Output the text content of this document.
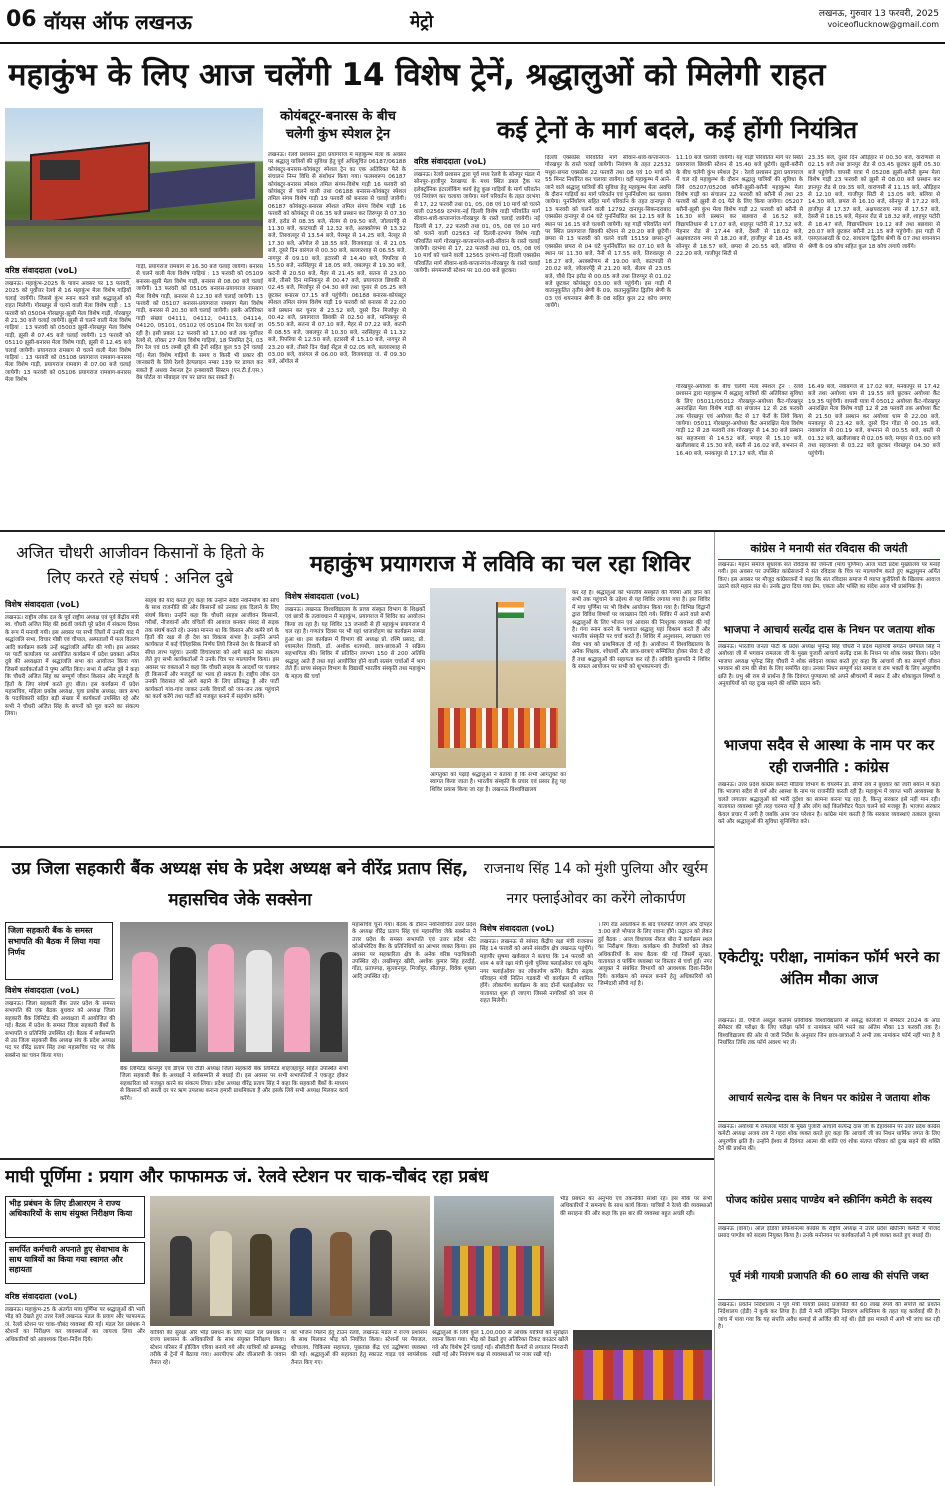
06 वॉयस ऑफ लखनऊ	मेट्रो	लखनऊ, गुरुवार 13 फरवरी, 2025
voiceoflucknow@gmail.com
महाकुंभ के लिए आज चलेंगी 14 विशेष ट्रेनें, श्रद्धालुओं को मिलेगी राहत
वरिष्ठ संवाददाता (voL)
लखनऊ। महाकुंभ-2025 के पावन अवसर पर 13 फरवरी, 2025 को पूर्वोत्तर रेलवे से 16 महाकुंभ मेला विशेष गाड़ियों चलाई जायेंगी। जिससे कुंभ स्नान करने वाले श्रद्धालुओं को राहत मिलेगी। गोरखपुर से चलने वाली मेला विशेष गाड़ी : 13 फरवरी को 05004 गोरखपुर-झूसी मेला विशेष गाड़ी, गोरखपुर से 21.30 बजे चलाई जायेगी। झूसी से चलने वाली मेला विशेष गाड़ियां : 13 फरवरी को 05003 झूसी-गोरखपुर मेला विशेष गाड़ी, झूसी से 07.45 बजे चलाई जायेगी। 13 फरवरी को 05110 झूसी-बनारस मेला विशेष गाड़ी, झूसी से 12.45 बजे चलाई जायेगी। प्रयागराज रामबाग से चलने वाली मेला विशेष गाड़ियां : 13 फरवरी को 05108 प्रयागराज रामबाग-बनारस मेला विशेष गाड़ी, प्रयागराज रामबाग से 07.00 बजे चलाई जायेगी। 13 फरवरी को 05106 प्रयागराज रामबाग-बनारस मेला विशेष
गाड़ी, प्रयागराज रामबाग से 16.30 बजे चलाई जायेगी। बनारस से चलने वाली मेला विशेष गाड़ियां : 13 फरवरी को 05109 बनारस-झूसी मेला विशेष गाड़ी, बनारस से 08.00 बजे चलाई जायेगी। 13 फरवरी को 05105 बनारस-प्रयागराज रामबाग मेला विशेष गाड़ी, बनारस से 12.30 बजे चलाई जायेगी। 13 फरवरी को 05107 बनारस-प्रयागराज रामबाग मेला विशेष गाड़ी, बनारस से 20.30 बजे चलाई जायेगी। इसके अतिरिक्त गाड़ी संख्या 04111, 04112, 04113, 04114, 04120, 05101, 05102 एवं 05104 रिंग रेल चलाई जा रही है। इसी प्रकार 12 फरवरी को 17.00 बजे तक पूर्वोत्तर रेलवे से, लोकर 27 मेला विशेष गाड़ियां, 18 नियमित ट्रेन, 03 रिंग रेल एवं 05 लम्बी दूरी की ट्रेनों सहित कुल 53 ट्रेनें चलाई गई। मेला विशेष गाड़ियों के समय व किसी भी प्रकार की जानकारी के लिये रेलवे हेल्पलाइन नम्बर 139 पर डायल कर सकते हैं अथवा नेशनल ट्रेन इन्क्वायरी सिस्टम (एन.टी.ई.एस.) वेब पोर्टल या मोबाइल एप पर प्राप्त कर सकते हैं।
कोयंबटूर-बनारस के बीच चलेगी कुंभ स्पेशल ट्रेन
लखनऊ। रेलवे प्रशासन द्वारा प्रयागराज में महाकुम्भ मेला के अवसर पर श्रद्धालु यात्रियों की सुविधा हेतु पूर्व अधिसूचित 06187/06188 कोयंबटूर-बनारस-कोयंबटूर स्पेशल ट्रेन का एक अतिरिक्त फेरे के संचालन निम्न विधि से संशोधन किया गया। फलस्वरूप 06187 कोयंबटूर-बनारस स्पेशल तमिल संगम-विशेष गाड़ी 16 फरवरी को कोयंबटूर से चलने वाली तथा 06188 बनारस-कोयंबटूर स्पेशल तमिल संगम विशेष गाड़ी 19 फरवरी को बनारस से चलाई जायेगी। 06187 कोयंबटूर-बनारस स्पेशल तमिल संगम विशेष गाड़ी 16 फरवरी को कोयंबटूर से 06.35 बजे प्रस्थान कर तिरुप्पुर से 07.30 बजे, इरोड से 08.35 बजे, सेलम से 09.50 बजे, जोलारपेट्टै से 11.30 बजे, काटपाडी से 12.32 बजे, अरक्कोणम से 13.32 बजे, तिरुवल्लूर से 13.54 बजे, पेरम्बूर से 14.25 बजे, नेल्लूर से 17.30 बजे, ओंगोल से 18.55 बजे, विजयवाड़ा जं. से 21.05 बजे, दूसरे दिन वारंगल से 00.30 बजे, बल्लारशाह से 06.55 बजे, नागपुर से 09.10 बजे, इटारसी से 14.40 बजे, पिपरिया से 15.50 बजे, नरसिंहपुर से 18.05 बजे, जबलपुर से 19.30 बजे, कटनी से 20.50 बजे, मैहर से 21.45 बजे, सतना से 23.00 बजे, तीसरे दिन मानिकपुर से 00.47 बजे, प्रयागराज छिवकी से 02.45 बजे, मिर्जापुर से 04.30 बजे तथा चुनार से 05.25 बजे छूटकर बनारस 07.15 बजे पहुंचेगी। 06188 बनारस-कोयंबटूर स्पेशल तमिल संगम विशेष गाड़ी 19 फरवरी को बनारस से 22.00 बजे प्रस्थान कर चुनार से 23.52 बजे, दूसरे दिन मिर्जापुर से 00.42 बजे, प्रयागराज छिवकी से 02.50 बजे, मानिकपुर से 05.50 बजे, सतना से 07.10 बजे, मैहर से 07.22 बजे, कटनी से 08.55 बजे, जबलपुर से 10.30 बजे, नरसिंहपुर से 11.32 बजे, पिपरिया से 12.50 बजे, इटारसी से 15.10 बजे, नागपुर से 23.20 बजे, तीसरे दिन चेन्नई सेंट्रल से 02.05 बजे, बल्लारशाह से 03.00 बजे, वारंगल से 06.00 बजे, विजयवाड़ा जं. से 09.30 बजे, ओंगोल से
कई ट्रेनों के मार्ग बदले, कई होंगी नियंत्रित
वरिष्ठ संवाददाता (voL)
लखनऊ। रेलवे प्रशासन द्वारा पूर्व मध्य रेलवे के सोनपुर मंडल में सोनपुर–हाजीपुर रेलखण्ड के मध्य स्थित डबल ट्रैक पर इलेक्ट्रॉनिक इंटरलॉकिंग कार्य हेतु कुछ गाड़ियों के मार्ग परिवर्तन एवं नियंत्रण कर चलाया जायेगा। मार्ग परिवर्तन के तहत दरभंगा से 17, 22 फरवरी तथा 01, 05, 08 एवं 10 मार्च को चलने वाली 02569 दरभंगा-नई दिल्ली विशेष गाड़ी परिवर्तित मार्ग सीवान-थावे-कप्तानगंज-गोरखपुर के रास्ते चलाई जायेगी। नई दिल्ली से 17, 22 फरवरी तथा 01, 05, 08 एवं 10 मार्च को चलने वाली 02563 नई दिल्ली-दरभंगा विशेष गाड़ी परिवर्तित मार्ग गोरखपुर-कप्तानगंज-थावे-सीवान के रास्ते चलाई जायेगी। दरभंगा से 17, 22 फरवरी तथा 01, 05, 08 एवं 10 मार्च को चलने वाली 12565 दरभंगा-नई दिल्ली एक्सप्रेस परिवर्तित मार्ग सीवान-थावे-कप्तानगंज-गोरखपुर के रास्ते चलाई जायेगी। संगमनगरी स्टेशन पर 10.00 बजे छूटकर।
दिल्ली एक्सप्रेस परिवर्तित मार्ग सीवान-थावे-कप्तानगंज-गोरखपुर के रास्ते चलाई जायेगी। नियंत्रण के तहत 22532 मथुरा-छपरा एक्सप्रेस 22 फरवरी तथा 08 एवं 10 मार्च को 55 मिनट निर्धारित कर चलाया जायेगा। वहीं महाकुम्भ में आने-जाने वाले श्रद्धालु यात्रियों की सुविधा हेतु महाकुम्भ मेला अवधि के दौरान गाड़ियों का मार्ग परिवर्तन एवं पुनर्निर्धारण कर चलाया जायेगा। पुनर्निर्धारण सहित मार्ग परिवर्तन के तहत दानापुर से 13 फरवरी को चलने वाली 12792 दानापुर-सिकन्दराबाद एक्सप्रेस दानापुर से 04 घंटे पुनर्निर्धारित कर 12.15 बजे के स्थान पर 16.15 बजे चलायी जायेगी। यह गाड़ी परिवर्तित मार्ग पर स्थित प्रयागराज छिवकी स्टेशन से 20.20 बजे छूटेगी। छपरा से 13 फरवरी को चलने वाली 15159 छपरा-दुर्ग एक्सप्रेस छपरा से 04 घंटे पुनर्निर्धारित कर 07.10 बजे के स्थान पर 11.30 बजे, नैनी से 17.55 बजे, तिरुवल्लूर से 18.27 बजे, अरक्कोणम से 19.00 बजे, काटपाडी से 20.02 बजे, जोलारपेट्टै से 21.20 बजे, सेलम से 23.05 बजे, चौथे दिन इरोड से 00.05 बजे तथा तिरुप्पुर से 01.02 बजे छूटकर कोयंबटूर 03.00 बजे पहुंचेगी। इस गाड़ी में वातानुकूलित तृतीय श्रेणी के 09, वातानुकूलित द्वितीय श्रेणी के 03 एवं शयनयान श्रेणी के 08 सहित कुल 22 कोच लगाए जायेंगे।
11.10 बजे चलायी जायेगी। यह गाड़ी परिवर्तित मार्ग पर स्थित प्रयागराज छिवकी स्टेशन से 15.40 बजे छूटेगी। झूसी-बरौनी के बीच चलेगी कुंभ स्पेशल ट्रेन : रेलवे प्रशासन द्वारा प्रयागराज में चल रहे महाकुम्भ के दौरान श्रद्धालु यात्रियों की सुविधा के लिये 05207/05208 बरौनी-झूसी-बरौनी महाकुम्भ मेला विशेष गाड़ी का संचालन 22 फरवरी को बरौनी से तथा 23 फरवरी को झूसी से 01 फेरे के लिए किया जायेगा। 05207 बरौनी-झूसी कुंभ मेला विशेष गाड़ी 22 फरवरी को बरौनी से 16.30 बजे प्रस्थान कर बछवारा से 16.52 बजे, विद्यापतिधाम से 17.07 बजे, शाहपुर पटोरी से 17.32 बजे, मेहनार रोड से 17.44 बजे, देसरी से 18.02 बजे, अक्षयवटराय नगर से 18.20 बजे, हाजीपुर से 18.45 बजे, सोनपुर से 18.57 बजे, छपरा से 20.55 बजे, बलिया से 22.20 बजे, गाजीपुर सिटी से
23.35 बजे, दूसरे दिन औड़िहार से 00.30 बजे, वाराणसी से 02.15 बजे तथा ज्ञानपुर रोड से 03.45 छूटकर झूसी 05.30 बजे पहुंचेगी। वापसी यात्रा में 05208 झूसी-बरौनी कुम्भ मेला विशेष गाड़ी 23 फरवरी को झूसी से 08.00 बजे प्रस्थान कर ज्ञानपुर रोड से 09.35 बजे, वाराणसी से 11.15 बजे, औड़िहार से 12.10 बजे, गाजीपुर सिटी से 13.05 बजे, बलिया से 14.30 बजे, छपरा से 16.10 बजे, सोनपुर से 17.22 बजे, हाजीपुर से 17.37 बजे, अक्षयवटराय नगर से 17.57 बजे, देसरी से 18.15 बजे, मेहनार रोड से 18.32 बजे, शाहपुर पटोरी से 18.47 बजे, विद्यापतिधाम 19.12 बजे तथा बछवारा से 20.07 बजे छूटकर बरौनी 21.15 बजे पहुंचेगी। इस गाड़ी में एसएलआरडी के 02, साधारण द्वितीय श्रेणी के 07 तथा शयनयान श्रेणी के 09 कोच सहित कुल 18 कोच लगाये जायेंगे।
गोरखपुर-अयोध्या के बीच चलेगी मेला स्पेशल ट्रेन : रेलवे प्रशासन द्वारा महाकुम्भ में श्रद्धालु यात्रियों की अतिरिक्त सुविधा के लिए 05011/05012 गोरखपुर-अयोध्या कैंट-गोरखपुर अनारक्षित मेला विशेष गाड़ी का संचालन 12 से 28 फरवरी तक गोरखपुर एवं अयोध्या कैंट से 17 फेरों के लिये किया जायेगा। 05011 गोरखपुर-अयोध्या कैंट अनारक्षित मेला विशेष गाड़ी 12 से 28 फरवरी तक गोरखपुर से 14.30 बजे प्रस्थान कर सहजनवा से 14.52 बजे, मगहर से 15.10 बजे, खलीलाबाद से 15.30 बजे, बस्ती से 16.02 बजे, बभनान से 16.40 बजे, मनकापुर से 17.17 बजे, गोंडा से
16.49 बजे, नवाबगंज से 17.02 बजे, मनकापुर से 17.42 बजे तथा अयोध्या धाम से 19.55 बजे छूटकर अयोध्या कैंट 19.35 पहुंचेगी। वापसी यात्रा में 05012 अयोध्या कैंट-गोरखपुर अनारक्षित मेला विशेष गाड़ी 12 से 28 फरवरी तक अयोध्या कैंट से 21.50 बजे प्रस्थान कर अयोध्या धाम से 22.00 बजे, मनकापुर से 23.42 बजे, दूसरे दिन गोंडा से 00.15 बजे, नवाबगंज से 00.19 बजे, बभनान से 00.55 बजे, बस्ती से 01.32 बजे, खलीलाबाद से 02.05 बजे, मगहर से 03.00 बजे तथा सहजनवा से 03.22 बजे छूटकर गोरखपुर 04.30 बजे पहुंचेगी।
अजित चौधरी आजीवन किसानों के हितो के लिए करते रहे संघर्ष : अनिल दुबे
विशेष संवाददाता (voL)
लखनऊ। राष्ट्रीय लोक दल के पूर्व राष्ट्रीय अध्यक्ष एवं पूर्व केंद्रीय मंत्री स्व. चौधरी अजित सिंह की 86वीं जयंती पूरे प्रदेश में संकल्प दिवस के रूप में मनायी गयी। इस अवसर पर सभी जिलों में उनकी याद में श्रद्धांजलि सभा, विचार गोष्ठी एवं चौपाल, अस्पतालों में फल वितरण आदि कार्यक्रम करके उन्हें श्रद्धांजलि अर्पित की गयी। इस अवसर पर पार्टी कार्यालय पर आयोजित कार्यक्रम में प्रदेश प्रवक्ता अनिल दुबे की अध्यक्षता में श्रद्धांजलि सभा का आयोजन किया गया जिसमें कार्यकर्ताओं ने पुष्प अर्पित किए। सभा में अनिल दुबे ने कहा कि चौधरी अजित सिंह का सम्पूर्ण जीवन किसान और मजदूरों के हितों के लिए संघर्ष करते हुए बीता। इस कार्यक्रम में प्रदेश महासचिव, महिला प्रकोष्ठ अध्यक्ष, युवा प्रकोष्ठ अध्यक्ष, छात्र सभा के पदाधिकारी सहित बड़ी संख्या में कार्यकर्ता उपस्थित रहे और सभी ने चौधरी अजित सिंह के सपनों को पूरा करने का संकल्प लिया।
साहब की याद करते हुए कहा कि उन्होंने सदैव नवनिर्माण की सोच के साथ राजनीति की और किसानों को उनका हक दिलाने के लिए संघर्ष किया। उन्होंने कहा कि चौधरी साहब आजीवन किसानों, गरीबों, नौजवानों और वंचितों की आवाज बनकर संसद से सड़क तक संघर्ष करते रहे। उनका मानना था कि किसान और कमेरे वर्ग के हितों की रक्षा से ही देश का विकास संभव है। उन्होंने अपने कार्यकाल में कई ऐतिहासिक निर्णय लिये जिनसे देश के किसानों को सीधा लाभ पहुंचा। उनकी विचारधारा को आगे बढ़ाने का संकल्प लेते हुए सभी कार्यकर्ताओं ने उनके चित्र पर माल्यार्पण किया। इस अवसर पर वक्ताओं ने कहा कि चौधरी साहब के आदर्शों पर चलकर ही किसानों और मजदूरों का भला हो सकता है। राष्ट्रीय लोक दल उनकी विरासत को आगे बढ़ाने के लिए प्रतिबद्ध है और पार्टी कार्यकर्ता गांव-गांव जाकर उनके विचारों को जन-जन तक पहुंचाने का कार्य करेंगे तथा पार्टी को मजबूत बनाने में सहयोग करेंगे।
महाकुंभ प्रयागराज में लविवि का चल रहा शिविर
विशेष संवाददाता (voL)
लखनऊ। लखनऊ विश्वविद्यालय के प्राच्य संस्कृत विभाग के शिक्षकों एवं छात्रों के तत्वावधान में महाकुंभ, प्रयागराज में शिविर का आयोजन किया जा रहा है। यह शिविर 13 जनवरी से ही महाकुंभ प्रयागराज में चल रहा है। गणतंत्र दिवस पर भी यहां ध्वजारोहण का कार्यक्रम सम्पन्न हुआ था। इस कार्यक्रम में विभाग की अध्यक्ष प्रो. रश्मि प्रसाद, प्रो. श्यामलेश तिवारी, डॉ. अशोक शतपथी, छात्र-छात्राओं ने सक्रिय सहभागिता की। शिविर में प्रतिदिन लगभग 150 से 200 अतिथि श्रद्धालु आते हैं तथा यहां आयोजित होने वाली सत्संग चर्चाओं में भाग लेते हैं। प्राच्य संस्कृत विभाग के विद्यार्थी भारतीय संस्कृति तथा महाकुंभ के महत्व की चर्चा
आगंतुकों को पढ़ाई श्रद्धालुओं ने बताया है कि सभी आगंतुकों का स्वागत किया जाता है। भारतीय संस्कृति के प्रचार एवं प्रसार हेतु यह शिविर प्रयास किया जा रहा है। लखनऊ विश्वविद्यालय
कर रहे हैं। श्रद्धालुओं को भारतीय संस्कृति की गरिमा और ज्ञान को सभी तक पहुंचाने के उद्देश्य से यह शिविर लगाया गया है। इस शिविर में माघ पूर्णिमा पर भी विशेष आयोजन किया गया है। विभिन्न विद्वानों द्वारा विविध विषयों पर व्याख्यान दिये गये। शिविर में आने वाले सभी श्रद्धालुओं के लिए भोजन एवं आवास की निःशुल्क व्यवस्था की गई है। गंगा स्नान करने के पश्चात श्रद्धालु यहां विश्राम करते हैं और भारतीय संस्कृति पर चर्चा करते हैं। शिविर में अनुशासन, स्वच्छता एवं सेवा भाव को प्राथमिकता दी गई है। आयोजन में विश्वविद्यालय के अनेक शिक्षक, शोधार्थी और छात्र-छात्राएं सम्मिलित होकर सेवा दे रहे हैं तथा श्रद्धालुओं की सहायता कर रहे हैं। लविवि कुलपति ने शिविर के सफल आयोजन पर सभी को शुभकामनाएं दीं।
कांग्रेस ने मनायी संत रविदास की जयंती
लखनऊ। महान समाज सुधारक संत रविदास की जयन्ती (माघ पूर्णिमा) आज पार्टी प्रदेश मुख्यालय पर मनाई गयी। इस अवसर पर उपस्थित कांग्रेसजनों ने संत रविदास के चित्र पर माल्यार्पण करते हुए श्रद्धासुमन अर्पित किए। इस अवसर पर मौजूद कांग्रेसजनों ने कहा कि संत रविदास समाज में व्याप्त कुरीतियों के खिलाफ आवाज उठाने वाले महान संत थे। उनके द्वारा दिया गया प्रेम, एकता और भक्ति का संदेश आज भी प्रासंगिक है।
भाजपा ने आचार्य सत्येंद्र दास के निधन पर जताया शोक
लखनऊ। भारतीय जनता पार्टी के प्रदेश अध्यक्ष भूपेन्द्र सिंह चौधरी ने प्रदेश महामंत्री संगठन धर्मपाल सिंह ने अयोध्या जी में भगवान रामलला जी के मुख्य पुजारी आचार्य सत्येंद्र दास के निधन पर शोक व्यक्त किया। प्रदेश भाजपा अध्यक्ष भूपेन्द्र सिंह चौधरी ने शोक संवेदना व्यक्त करते हुए कहा कि आचार्य जी का सम्पूर्ण जीवन भगवान श्री राम की सेवा के लिए समर्पित रहा। उनका निधन सम्पूर्ण संत समाज व राम भक्तों के लिए अपूरणीय क्षति है। प्रभु श्री राम से प्रार्थना है कि दिवंगत पुण्यात्मा को अपने श्रीचरणों में स्थान दें और शोकाकुल शिष्यों व अनुयायियों को यह दुःख सहने की शक्ति प्रदान करें।
भाजपा सदैव से आस्था के नाम पर कर रही राजनीति : कांग्रेस
लखनऊ। उत्तर प्रदेश कांग्रेस कमेटी मीडिया विभाग के चेयरमैन डॉ. सीपी राय ने बुधवार को जारी बयान में कहा कि भाजपा सदैव से धर्म और आस्था के नाम पर राजनीति करती रही है। महाकुंभ में व्याप्त भारी अव्यवस्था के चलते लगातार श्रद्धालुओं को भारी दुर्दशा का सामना करना पड़ रहा है, किन्तु सरकार इसे नहीं मान रही। यातायात व्यवस्था पूरी तरह चरमरा गई है और लोग कई किलोमीटर पैदल चलने को मजबूर हैं। भाजपा सरकार केवल प्रचार में लगी है जबकि आम जन परेशान है। कांग्रेस मांग करती है कि सरकार व्यवस्थाएं तत्काल दुरुस्त करे और श्रद्धालुओं की सुविधा सुनिश्चित करे।
एकेटीयू: परीक्षा, नामांकन फॉर्म भरने का अंतिम मौका आज
लखनऊ। डॉ. एपीजे अब्दुल कलाम प्राविधिक विश्वविद्यालय से संबद्ध कॉलेजों में सेमेस्टर 2024 के ऑड सेमेस्टर की परीक्षा के लिए परीक्षा फॉर्म व नामांकन फॉर्म भरने का अंतिम मौका 13 फरवरी तक है। विश्वविद्यालय की ओर से जारी निर्देश के अनुसार जिन छात्र-छात्राओं ने अभी तक नामांकन फॉर्म नहीं भरा है वे निर्धारित तिथि तक फॉर्म अवश्य भर लें।
आचार्य सत्येन्द्र दास के निधन पर कांग्रेस ने जताया शोक
लखनऊ। अयोध्या में रामलला मंदिर के मुख्य पुजारी आचार्य सत्येन्द्र दास जी के देहावसान पर उत्तर प्रदेश कांग्रेस कमेटी अध्यक्ष अजय राय ने गहरा शोक व्यक्त करते हुए कहा कि आचार्य जी का निधन धार्मिक जगत के लिए अपूरणीय क्षति है। उन्होंने ईश्वर से दिवंगत आत्मा की शांति एवं शोक संतप्त परिवार को दुःख सहने की शक्ति देने की प्रार्थना की।
पोजद कांग्रेस प्रसाद पाण्डेय बने स्क्रीनिंग कमेटी के सदस्य
लखनऊ (वाया)। ऑल इंडिया प्रोफेशनल्स कांग्रेस के राष्ट्रीय अध्यक्ष ने उत्तर प्रदेश स्क्रीनिंग कमेटी में पोजद प्रसाद पाण्डेय को सदस्य नियुक्त किया है। उनके मनोनयन पर कार्यकर्ताओं ने हर्ष व्यक्त करते हुए बधाई दी।
पूर्व मंत्री गायत्री प्रजापति की 60 लाख की संपत्ति जब्त
लखनऊ। प्रवर्तन निदेशालय ने पूर्व मंत्री गायत्री प्रसाद प्रजापति की 60 लाख रुपये की संपत्ति को प्रवर्तन निदेशालय (ईडी) ने कुर्क कर लिया है। ईडी ने मनी लॉन्ड्रिंग निवारण अधिनियम के तहत यह कार्रवाई की है। जांच में पाया गया कि यह संपत्ति अवैध कमाई से अर्जित की गई थी। ईडी इस मामले में आगे भी जांच कर रही है।
उप्र जिला सहकारी बैंक अध्यक्ष संघ के प्रदेश अध्यक्ष बने वीरेंद्र प्रताप सिंह, महासचिव जेके सक्सेना
जिला सहकारी बैंक के समस्त सभापति की बैठक में लिया गया निर्णय
विशेष संवाददाता (voL)
लखनऊ। जिला सहकारी बैंक उत्तर प्रदेश के समस्त सभापति की एक बैठक बुधवार को अध्यक्ष जिला सहकारी बैंक लिमिटेड की अध्यक्षता में आयोजित की गई। बैठक में प्रदेश के समस्त जिला सहकारी बैंकों के सभापति व प्रतिनिधि उपस्थित रहे। बैठक में सर्वसम्मति से उप्र जिला सहकारी बैंक अध्यक्ष संघ के प्रदेश अध्यक्ष पद पर वीरेंद्र प्रताप सिंह तथा महासचिव पद पर जेके सक्सेना का चयन किया गया।
बैंक लिमिटेड कानपुर एवं डीएस एवं टीडी अध्यक्ष जिला सहकारी बैंक लिमिटेड शाहजहांपुर सहित उपस्थित सभी जिला सहकारी बैंक के अध्यक्षों ने सर्वसम्मति से बधाई दी। इस अवसर पर सभी सभापतियों ने एकजुट होकर सहकारिता को मजबूत करने का संकल्प लिया। प्रदेश अध्यक्ष वीरेंद्र प्रताप सिंह ने कहा कि सहकारी बैंकों के माध्यम से किसानों को सस्ती दर पर ऋण उपलब्ध कराना हमारी प्राथमिकता है और इसके लिये सभी अध्यक्ष मिलकर कार्य करेंगे।
महासचिव चुना गया। बैठक के दौरान नवनिर्वाचित उत्तर प्रदेश के अध्यक्ष वीरेंद्र प्रताप सिंह एवं महासचिव जेके सक्सेना ने उत्तर प्रदेश के समस्त सभापति एवं उत्तर प्रदेश स्टेट कोऑपरेटिव बैंक के प्रतिनिधियों का आभार व्यक्त किया। इस अवसर पर सहकारिता क्षेत्र के अनेक वरिष्ठ पदाधिकारी उपस्थित रहे। लखीमपुर खीरी, अशोक कुमार सिंह हरदोई, गोंडा, प्रतापगढ़, सुल्तानपुर, मिर्जापुर, सीतापुर, विवेक शुक्ला आदि उपस्थित रहे।
राजनाथ सिंह 14 को मुंशी पुलिया और खुर्रम नगर फ्लाईओवर का करेंगे लोकार्पण
विशेष संवाददाता (voL)
लखनऊ। लखनऊ से सांसद केंद्रीय रक्षा मंत्री राजनाथ सिंह 14 फरवरी को अपने संसदीय क्षेत्र लखनऊ पहुंचेंगे। महापौर सुषमा खर्कवाल ने बताया कि 14 फरवरी को शाम 4 बजे रक्षा मंत्री मुंशी पुलिया फ्लाईओवर एवं खुर्रम नगर फ्लाईओवर का लोकार्पण करेंगे। केंद्रीय सड़क परिवहन मंत्री नितिन गडकरी भी कार्यक्रम में शामिल होंगे। लोकार्पण कार्यक्रम के बाद दोनों फ्लाईओवर पर यातायात शुरू हो जाएगा जिससे नागरिकों को जाम से राहत मिलेगी।
। रिंग रोड अवलोकन के बाद एयरपोर्ट जाएंगे और दोपहर 3:00 बजे भोपाल के लिए रवाना होंगे। उद्घाटन को लेकर हुई बैठक : आज विधायक नीरज बोरा ने कार्यक्रम स्थल का निरीक्षण किया। कार्यक्रम की तैयारियों को लेकर अधिकारियों के साथ बैठक की गई जिसमें सुरक्षा, यातायात व पार्किंग व्यवस्था पर विस्तार से चर्चा हुई। नगर आयुक्त ने संबंधित विभागों को आवश्यक दिशा-निर्देश दिये। कार्यक्रम को सफल बनाने हेतु अधिकारियों को जिम्मेदारी सौंपी गई है।
माघी पूर्णिमा : प्रयाग और फाफामऊ जं. रेलवे स्टेशन पर चाक-चौबंद रहा प्रबंध
भीड़ प्रबंधन के लिए डीआरएम ने राज्य अधिकारियों के साथ संयुक्त निरीक्षण किया
समर्पित कर्मचारी अपनाते हुए सेवाभाव के साथ यात्रियों का किया गया स्वागत और सहायता
वरिष्ठ संवाददाता (voL)
लखनऊ। महाकुंभ-25 के अंतर्गत माघ पूर्णिमा पर श्रद्धालुओं की भारी भीड़ को देखते हुए उत्तर रेलवे लखनऊ मंडल के प्रयाग और फाफामऊ जं. रेलवे स्टेशन पर चाक-चौबंद व्यवस्था की गई। मंडल रेल प्रबंधक ने स्टेशनों का निरीक्षण कर व्यवस्थाओं का जायजा लिया और अधिकारियों को आवश्यक दिशा-निर्देश दिये।
भीड़ प्रबंधन का अनुभव एवं तकनीकी साथी रहे। इस मौके पर सभी अधिकारियों ने समन्वय के साथ कार्य किया। यात्रियों ने रेलवे की व्यवस्थाओं की सराहना की और कहा कि इस बार की व्यवस्था बहुत अच्छी रही।
यात्रियों की सुरक्षा और भीड़ प्रबंधन के लिए मंडल रेल प्रबंधक ने राज्य प्रशासन के अधिकारियों के साथ संयुक्त निरीक्षण किया। स्टेशन परिसर में होल्डिंग एरिया बनाये गये और यात्रियों को क्रमबद्ध तरीके से ट्रेनों में बैठाया गया। आरपीएफ और जीआरपी के जवान तैनात रहे।
को भोजन मिलने हेतु टाउन रेलवे, लखनऊ मंडल ने राज्य प्रशासन के साथ मिलकर भीड़ को नियंत्रित किया। स्टेशनों पर पेयजल, शौचालय, चिकित्सा सहायता, पूछताछ केंद्र एवं उद्घोषणा व्यवस्था की गई। श्रद्धालुओं की सहायता हेतु स्काउट गाइड एवं स्वयंसेवक तैनात किए गए।
श्रद्धालुओं के लिये कुल 1,00,000 से अधिक यात्रियों को सुरक्षित रवाना किया गया। भीड़ को देखते हुए अतिरिक्त टिकट काउंटर खोले गये और विशेष ट्रेनें चलाई गईं। सीसीटीवी कैमरों से लगातार निगरानी रखी गई और नियंत्रण कक्ष से व्यवस्थाओं पर नजर रखी गई।
